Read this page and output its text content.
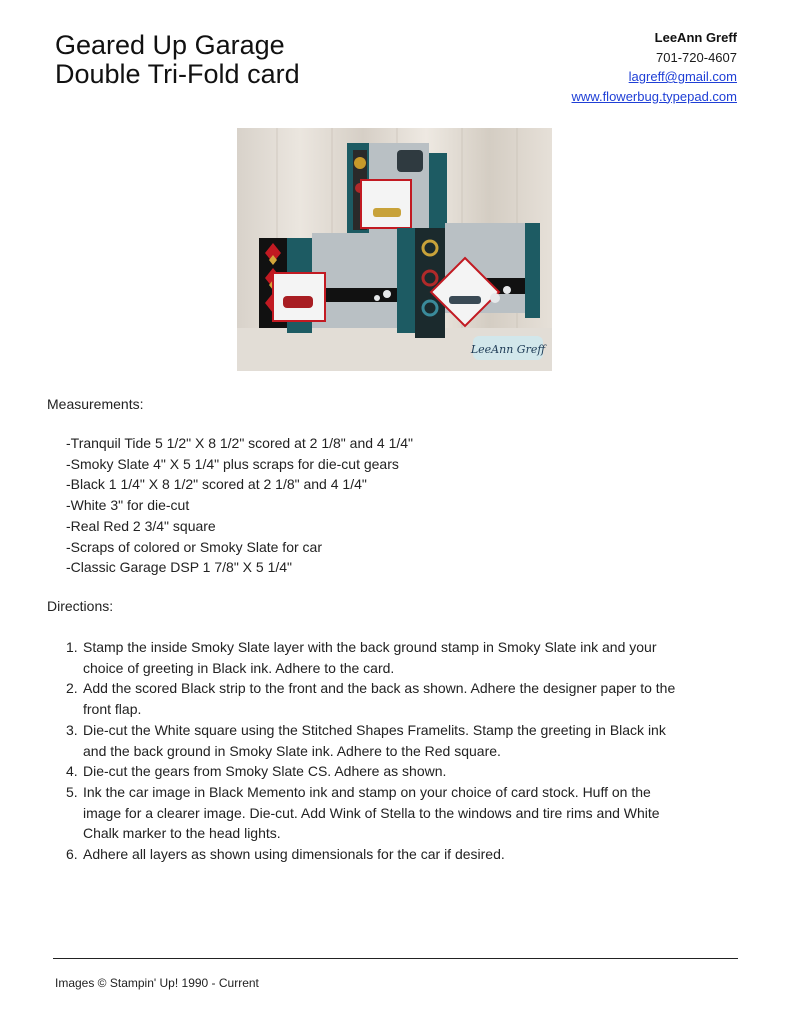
Geared Up Garage
Double Tri-Fold card
LeeAnn Greff
701-720-4607
lagreff@gmail.com
www.flowerbug.typepad.com
LeeAnn Greff
Measurements:
-Tranquil Tide 5 1/2" X 8 1/2" scored at 2 1/8" and 4 1/4"
-Smoky Slate 4" X 5 1/4" plus scraps for die-cut gears
-Black 1 1/4" X 8 1/2" scored at 2 1/8" and 4 1/4"
-White 3" for die-cut
-Real Red 2 3/4" square
-Scraps of colored or Smoky Slate for car
-Classic Garage DSP 1 7/8" X 5 1/4"
Directions:
1. Stamp the inside Smoky Slate layer with the back ground stamp in Smoky Slate ink and your
choice of greeting in Black ink. Adhere to the card.
2. Add the scored Black strip to the front and the back as shown. Adhere the designer paper to the
front flap.
3. Die-cut the White square using the Stitched Shapes Framelits. Stamp the greeting in Black ink
and the back ground in Smoky Slate ink. Adhere to the Red square.
4. Die-cut the gears from Smoky Slate CS. Adhere as shown.
5. Ink the car image in Black Memento ink and stamp on your choice of card stock. Huff on the
image for a clearer image. Die-cut. Add Wink of Stella to the windows and tire rims and White
Chalk marker to the head lights.
6. Adhere all layers as shown using dimensionals for the car if desired.
Images © Stampin' Up! 1990 - Current
